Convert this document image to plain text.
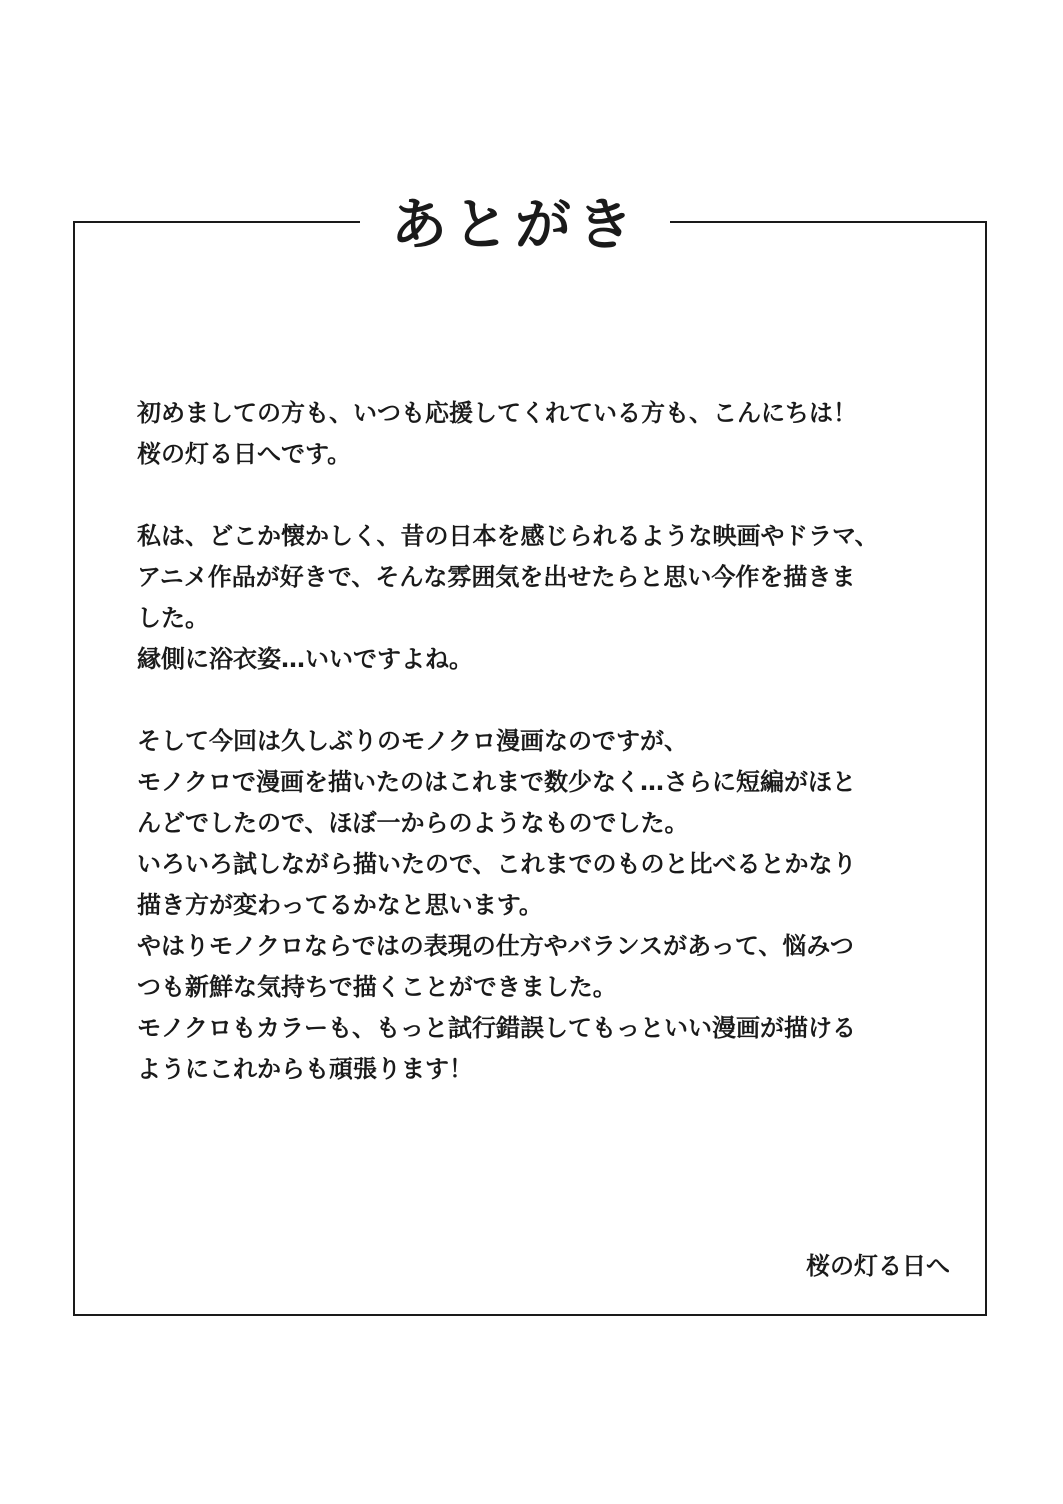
あとがき
初めましての方も、いつも応援してくれている方も、こんにちは！
桜の灯る日へです。
私は、どこか懐かしく、昔の日本を感じられるような映画やドラマ、
アニメ作品が好きで、そんな雰囲気を出せたらと思い今作を描きま
した。
縁側に浴衣姿…いいですよね。
そして今回は久しぶりのモノクロ漫画なのですが、
モノクロで漫画を描いたのはこれまで数少なく…さらに短編がほと
んどでしたので、ほぼ一からのようなものでした。
いろいろ試しながら描いたので、これまでのものと比べるとかなり
描き方が変わってるかなと思います。
やはりモノクロならではの表現の仕方やバランスがあって、悩みつ
つも新鮮な気持ちで描くことができました。
モノクロもカラーも、もっと試行錯誤してもっといい漫画が描ける
ようにこれからも頑張ります！
桜の灯る日へ
